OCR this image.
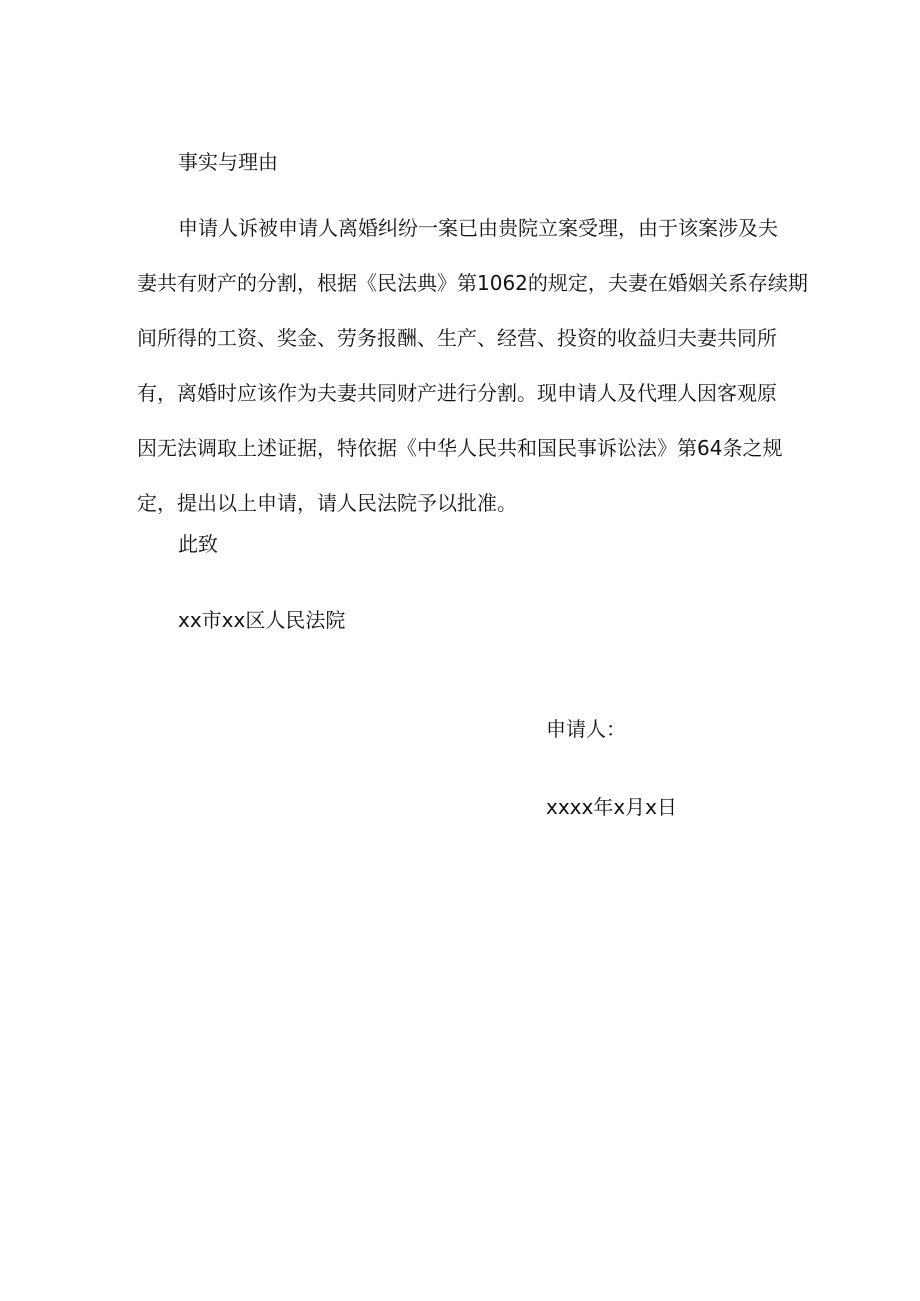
事实与理由
申请人诉被申请人离婚纠纷一案已由贵院立案受理，由于该案涉及夫
妻共有财产的分割，根据《民法典》第1062的规定，夫妻在婚姻关系存续期
间所得的工资、奖金、劳务报酬、生产、经营、投资的收益归夫妻共同所
有，离婚时应该作为夫妻共同财产进行分割。现申请人及代理人因客观原
因无法调取上述证据，特依据《中华人民共和国民事诉讼法》第64条之规
定，提出以上申请，请人民法院予以批准。
此致
xx市xx区人民法院
申请人：
xxxx年x月x日
